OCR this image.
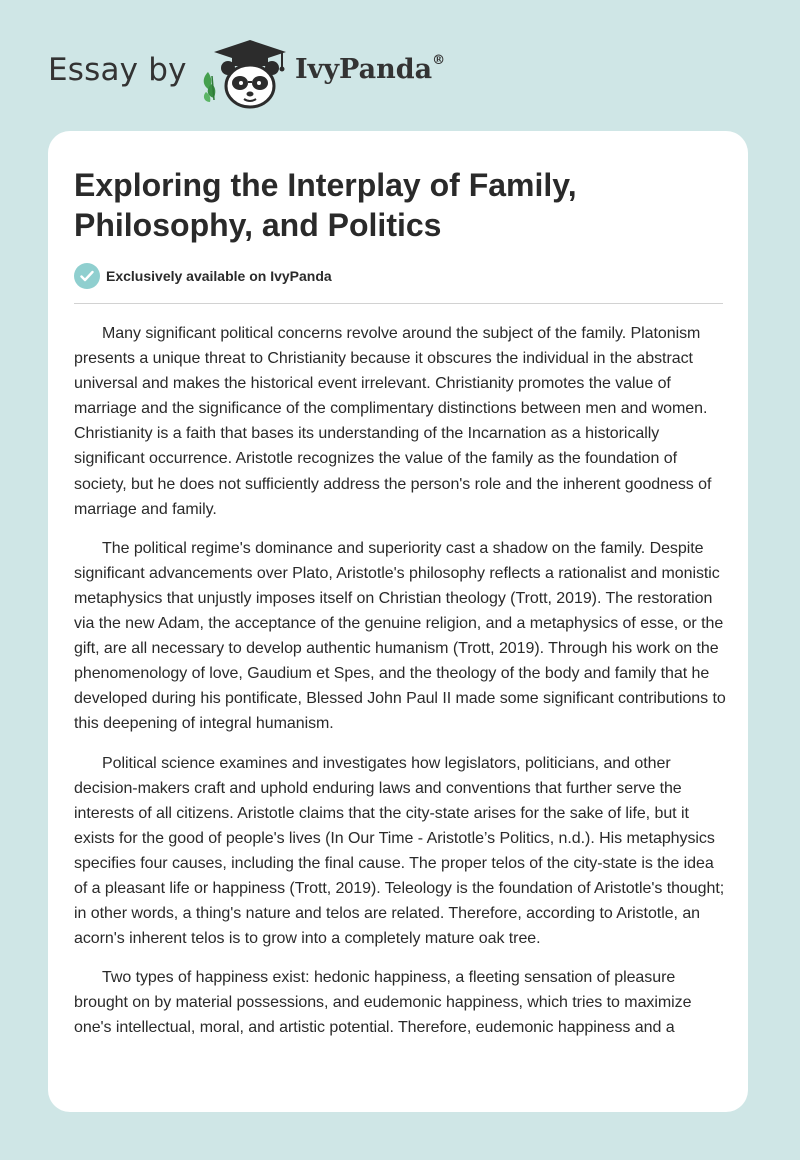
Essay by	IvyPanda®
Exploring the Interplay of Family, Philosophy, and Politics
Exclusively available on IvyPanda

Many significant political concerns revolve around the subject of the family. Platonism presents a unique threat to Christianity because it obscures the individual in the abstract universal and makes the historical event irrelevant. Christianity promotes the value of marriage and the significance of the complimentary distinctions between men and women. Christianity is a faith that bases its understanding of the Incarnation as a historically significant occurrence. Aristotle recognizes the value of the family as the foundation of society, but he does not sufficiently address the person's role and the inherent goodness of marriage and family.

The political regime's dominance and superiority cast a shadow on the family. Despite significant advancements over Plato, Aristotle's philosophy reflects a rationalist and monistic metaphysics that unjustly imposes itself on Christian theology (Trott, 2019). The restoration via the new Adam, the acceptance of the genuine religion, and a metaphysics of esse, or the gift, are all necessary to develop authentic humanism (Trott, 2019). Through his work on the phenomenology of love, Gaudium et Spes, and the theology of the body and family that he developed during his pontificate, Blessed John Paul II made some significant contributions to this deepening of integral humanism.

Political science examines and investigates how legislators, politicians, and other decision-makers craft and uphold enduring laws and conventions that further serve the interests of all citizens. Aristotle claims that the city-state arises for the sake of life, but it exists for the good of people's lives (In Our Time - Aristotle’s Politics, n.d.). His metaphysics specifies four causes, including the final cause. The proper telos of the city-state is the idea of a pleasant life or happiness (Trott, 2019). Teleology is the foundation of Aristotle's thought; in other words, a thing's nature and telos are related. Therefore, according to Aristotle, an acorn's inherent telos is to grow into a completely mature oak tree.

Two types of happiness exist: hedonic happiness, a fleeting sensation of pleasure brought on by material possessions, and eudemonic happiness, which tries to maximize one's intellectual, moral, and artistic potential. Therefore, eudemonic happiness and a
